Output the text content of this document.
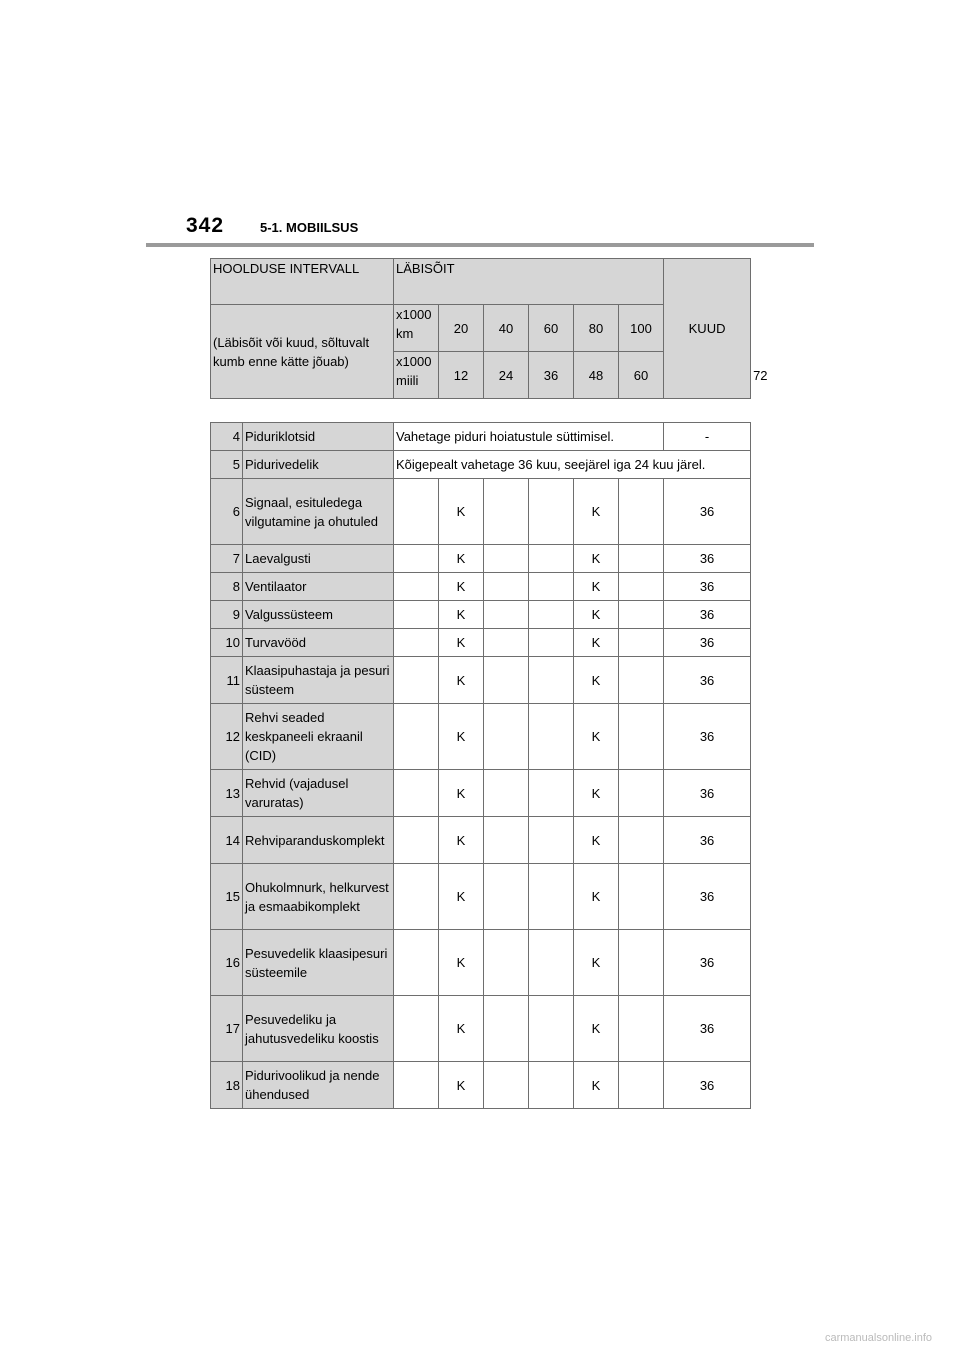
342	5-1. MOBIILSUS
HOOLDUSE INTERVALL		LÄBISÕIT						KUUD	
(Läbisõit või kuud, sõltuvalt kumb enne kätte jõuab)		x1000 km	20	40	60	80	100		
		x1000 miili	12	24	36	48	60		72

4	Piduriklotsid	Vahetage piduri hoiatustule süttimisel.						-	
5	Pidurivedelik	Kõigepealt vahetage 36 kuu, seejärel iga 24 kuu järel.							
6	Signaal, esituledega vilgutamine ja ohutuled		K			K		36	
7	Laevalgusti		K			K		36	
8	Ventilaator		K			K		36	
9	Valgussüsteem		K			K		36	
10	Turvavööd		K			K		36	
11	Klaasipuhastaja ja pesuri süsteem		K			K		36	
12	Rehvi seaded keskpaneeli ekraanil (CID)		K			K		36	
13	Rehvid (vajadusel varuratas)		K			K		36	
14	Rehviparanduskomplekt		K			K		36	
15	Ohukolmnurk, helkurvest ja esmaabikomplekt		K			K		36	
16	Pesuvedelik klaasipesuri süsteemile		K			K		36	
17	Pesuvedeliku ja jahutusvedeliku koostis		K			K		36	
18	Pidurivoolikud ja nende ühendused		K			K		36	
carmanualsonline.info
